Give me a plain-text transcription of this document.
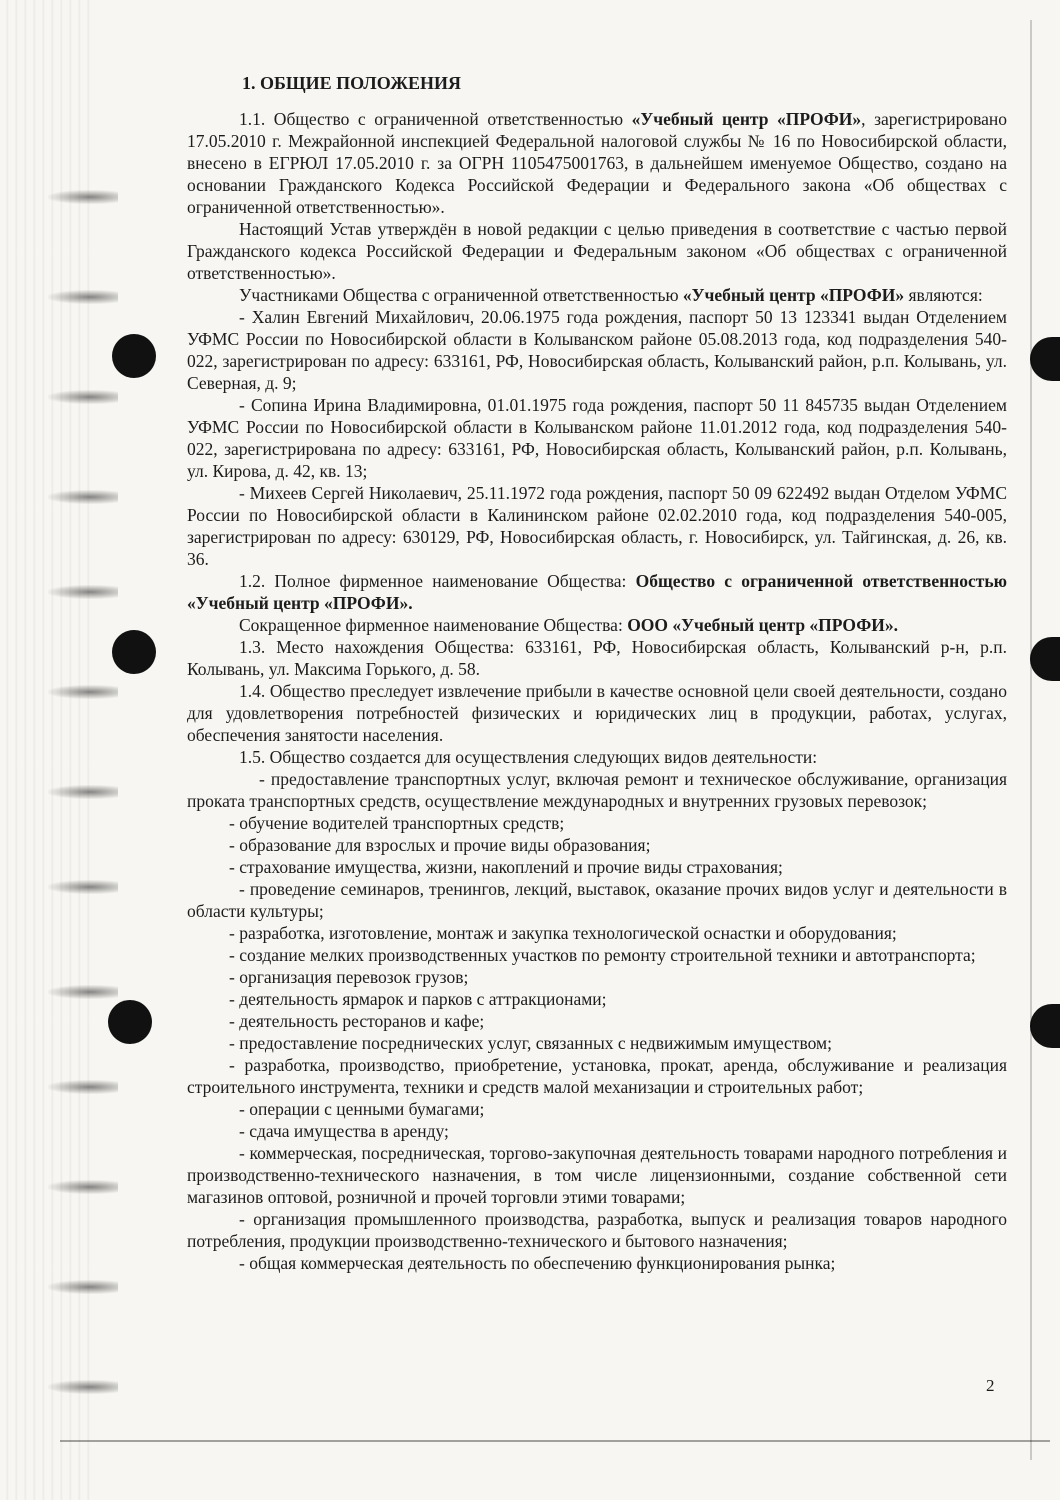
1. ОБЩИЕ ПОЛОЖЕНИЯ

1.1. Общество с ограниченной ответственностью «Учебный центр «ПРОФИ», зарегистрировано 17.05.2010 г. Межрайонной инспекцией Федеральной налоговой службы № 16 по Новосибирской области, внесено в ЕГРЮЛ 17.05.2010 г. за ОГРН 1105475001763, в дальнейшем именуемое Общество, создано на основании Гражданского Кодекса Российской Федерации и Федерального закона «Об обществах с ограниченной ответственностью».

Настоящий Устав утверждён в новой редакции с целью приведения в соответствие с частью первой Гражданского кодекса Российской Федерации и Федеральным законом «Об обществах с ограниченной ответственностью».

Участниками Общества с ограниченной ответственностью «Учебный центр «ПРОФИ» являются:

- Халин Евгений Михайлович, 20.06.1975 года рождения, паспорт 50 13 123341 выдан Отделением УФМС России по Новосибирской области в Колыванском районе 05.08.2013 года, код подразделения 540-022, зарегистрирован по адресу: 633161, РФ, Новосибирская область, Колыванский район, р.п. Колывань, ул. Северная, д. 9;

- Сопина Ирина Владимировна, 01.01.1975 года рождения, паспорт 50 11 845735 выдан Отделением УФМС России по Новосибирской области в Колыванском районе 11.01.2012 года, код подразделения 540-022, зарегистрирована по адресу: 633161, РФ, Новосибирская область, Колыванский район, р.п. Колывань, ул. Кирова, д. 42, кв. 13;

- Михеев Сергей Николаевич, 25.11.1972 года рождения, паспорт 50 09 622492 выдан Отделом УФМС России по Новосибирской области в Калининском районе 02.02.2010 года, код подразделения 540-005, зарегистрирован по адресу: 630129, РФ, Новосибирская область, г. Новосибирск, ул. Тайгинская, д. 26, кв. 36.

1.2. Полное фирменное наименование Общества: Общество с ограниченной ответственностью «Учебный центр «ПРОФИ».

Сокращенное фирменное наименование Общества: ООО «Учебный центр «ПРОФИ».

1.3. Место нахождения Общества: 633161, РФ, Новосибирская область, Колыванский р-н, р.п. Колывань, ул. Максима Горького, д. 58.

1.4. Общество преследует извлечение прибыли в качестве основной цели своей деятельности, создано для удовлетворения потребностей физических и юридических лиц в продукции, работах, услугах, обеспечения занятости населения.

1.5. Общество создается для осуществления следующих видов деятельности:

- предоставление транспортных услуг, включая ремонт и техническое обслуживание, организация проката транспортных средств, осуществление международных и внутренних грузовых перевозок;

- обучение водителей транспортных средств;

- образование для взрослых и прочие виды образования;

- страхование имущества, жизни, накоплений и прочие виды страхования;

- проведение семинаров, тренингов, лекций, выставок, оказание прочих видов услуг и деятельности в области культуры;

- разработка, изготовление, монтаж и закупка технологической оснастки и оборудования;

- создание мелких производственных участков по ремонту строительной техники и автотранспорта;

- организация перевозок грузов;

- деятельность ярмарок и парков с аттракционами;

- деятельность ресторанов и кафе;

- предоставление посреднических услуг, связанных с недвижимым имуществом;

- разработка, производство, приобретение, установка, прокат, аренда, обслуживание и реализация строительного инструмента, техники и средств малой механизации и строительных работ;

- операции с ценными бумагами;

- сдача имущества в аренду;

- коммерческая, посредническая, торгово-закупочная деятельность товарами народного потребления и производственно-технического назначения, в том числе лицензионными, создание собственной сети магазинов оптовой, розничной и прочей торговли этими товарами;

- организация промышленного производства, разработка, выпуск и реализация товаров народного потребления, продукции производственно-технического и бытового назначения;

- общая коммерческая деятельность по обеспечению функционирования рынка;

2
